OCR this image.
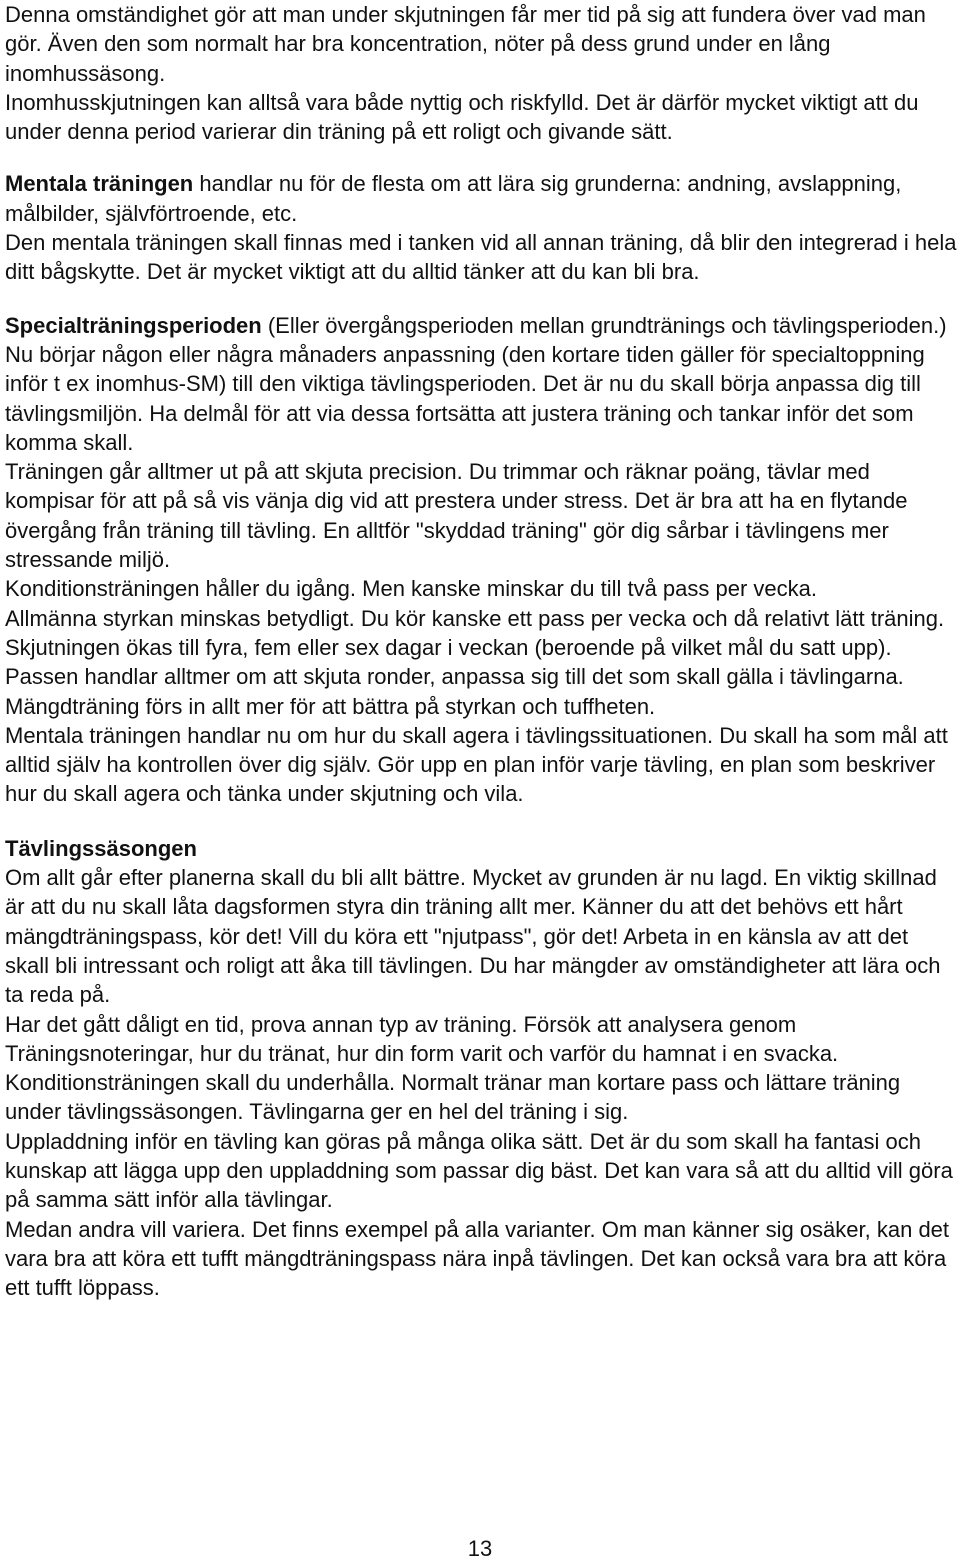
Denna omständighet gör att man under skjutningen får mer tid på sig att fundera över vad man gör. Även den som normalt har bra koncentration, nöter på dess grund under en lång inomhussäsong.

Inomhusskjutningen kan alltså vara både nyttig och riskfylld. Det är därför mycket viktigt att du under denna period varierar din träning på ett roligt och givande sätt.

Mentala träningen handlar nu för de flesta om att lära sig grunderna: andning, avslappning, målbilder, självförtroende, etc.

Den mentala träningen skall finnas med i tanken vid all annan träning, då blir den integrerad i hela ditt bågskytte. Det är mycket viktigt att du alltid tänker att du kan bli bra.

Specialträningsperioden (Eller övergångsperioden mellan grundtränings och tävlingsperioden.)

Nu börjar någon eller några månaders anpassning (den kortare tiden gäller för specialtoppning inför t ex inomhus-SM) till den viktiga tävlingsperioden. Det är nu du skall börja anpassa dig till tävlingsmiljön. Ha delmål för att via dessa fortsätta att justera träning och tankar inför det som komma skall.

Träningen går alltmer ut på att skjuta precision. Du trimmar och räknar poäng, tävlar med kompisar för att på så vis vänja dig vid att prestera under stress. Det är bra att ha en flytande övergång från träning till tävling. En alltför "skyddad träning" gör dig sårbar i tävlingens mer stressande miljö.

Konditionsträningen håller du igång. Men kanske minskar du till två pass per vecka.

Allmänna styrkan minskas betydligt. Du kör kanske ett pass per vecka och då relativt lätt träning.

Skjutningen ökas till fyra, fem eller sex dagar i veckan (beroende på vilket mål du satt upp). Passen handlar alltmer om att skjuta ronder, anpassa sig till det som skall gälla i tävlingarna.

Mängdträning förs in allt mer för att bättra på styrkan och tuffheten.

Mentala träningen handlar nu om hur du skall agera i tävlingssituationen. Du skall ha som mål att alltid själv ha kontrollen över dig själv. Gör upp en plan inför varje tävling, en plan som beskriver hur du skall agera och tänka under skjutning och vila.

Tävlingssäsongen

Om allt går efter planerna skall du bli allt bättre. Mycket av grunden är nu lagd. En viktig skillnad är att du nu skall låta dagsformen styra din träning allt mer. Känner du att det behövs ett hårt mängdträningspass, kör det! Vill du köra ett "njutpass", gör det! Arbeta in en känsla av att det skall bli intressant och roligt att åka till tävlingen. Du har mängder av omständigheter att lära och ta reda på.

Har det gått dåligt en tid, prova annan typ av träning. Försök att analysera genom Träningsnoteringar, hur du tränat, hur din form varit och varför du hamnat i en svacka.

Konditionsträningen skall du underhålla. Normalt tränar man kortare pass och lättare träning under tävlingssäsongen. Tävlingarna ger en hel del träning i sig.

Uppladdning inför en tävling kan göras på många olika sätt. Det är du som skall ha fantasi och kunskap att lägga upp den uppladdning som passar dig bäst. Det kan vara så att du alltid vill göra på samma sätt inför alla tävlingar.

Medan andra vill variera. Det finns exempel på alla varianter. Om man känner sig osäker, kan det vara bra att köra ett tufft mängdträningspass nära inpå tävlingen. Det kan också vara bra att köra ett tufft löppass.

13
